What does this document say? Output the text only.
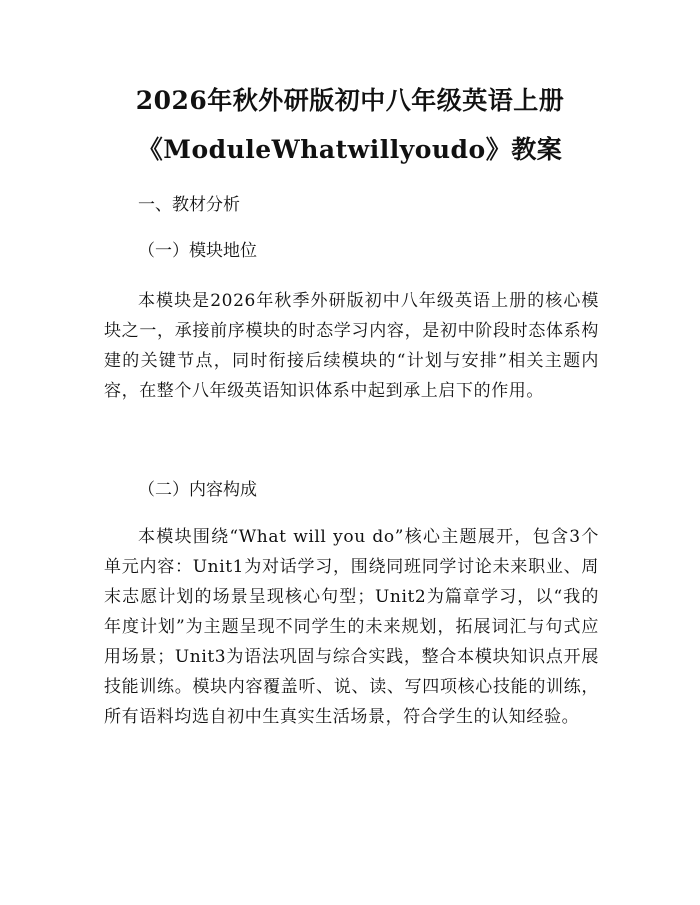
2026年秋外研版初中八年级英语上册
《ModuleWhatwillyoudo》教案
一、教材分析
（一）模块地位

本模块是2026年秋季外研版初中八年级英语上册的核心模块之一，承接前序模块的时态学习内容，是初中阶段时态体系构建的关键节点，同时衔接后续模块的“计划与安排”相关主题内容，在整个八年级英语知识体系中起到承上启下的作用。

（二）内容构成

本模块围绕“What will you do”核心主题展开，包含3个单元内容：Unit1为对话学习，围绕同班同学讨论未来职业、周末志愿计划的场景呈现核心句型；Unit2为篇章学习，以“我的年度计划”为主题呈现不同学生的未来规划，拓展词汇与句式应用场景；Unit3为语法巩固与综合实践，整合本模块知识点开展技能训练。模块内容覆盖听、说、读、写四项核心技能的训练，所有语料均选自初中生真实生活场景，符合学生的认知经验。
